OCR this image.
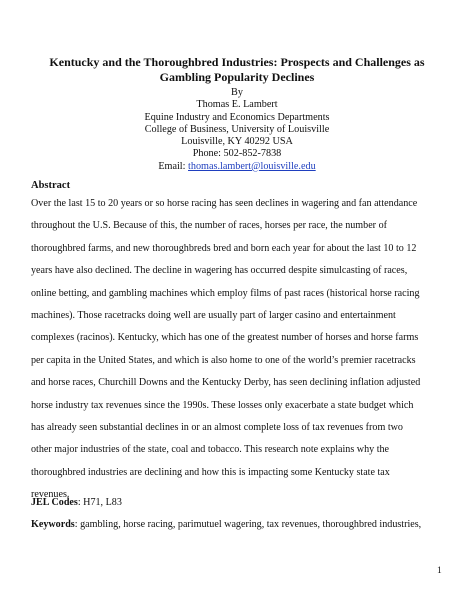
Kentucky and the Thoroughbred Industries: Prospects and Challenges as
Gambling Popularity Declines
By
Thomas E. Lambert
Equine Industry and Economics Departments
College of Business, University of Louisville
Louisville, KY 40292 USA
Phone: 502-852-7838
Email: thomas.lambert@louisville.edu
Abstract
Over the last 15 to 20 years or so horse racing has seen declines in wagering and fan attendance
throughout the U.S. Because of this, the number of races, horses per race, the number of
thoroughbred farms, and new thoroughbreds bred and born each year for about the last 10 to 12
years have also declined. The decline in wagering has occurred despite simulcasting of races,
online betting, and gambling machines which employ films of past races (historical horse racing
machines). Those racetracks doing well are usually part of larger casino and entertainment
complexes (racinos). Kentucky, which has one of the greatest number of horses and horse farms
per capita in the United States, and which is also home to one of the world’s premier racetracks
and horse races, Churchill Downs and the Kentucky Derby, has seen declining inflation adjusted
horse industry tax revenues since the 1990s. These losses only exacerbate a state budget which
has already seen substantial declines in or an almost complete loss of tax revenues from two
other major industries of the state, coal and tobacco. This research note explains why the
thoroughbred industries are declining and how this is impacting some Kentucky state tax
revenues.
JEL Codes: H71, L83
Keywords: gambling, horse racing, parimutuel wagering, tax revenues, thoroughbred industries,
1
